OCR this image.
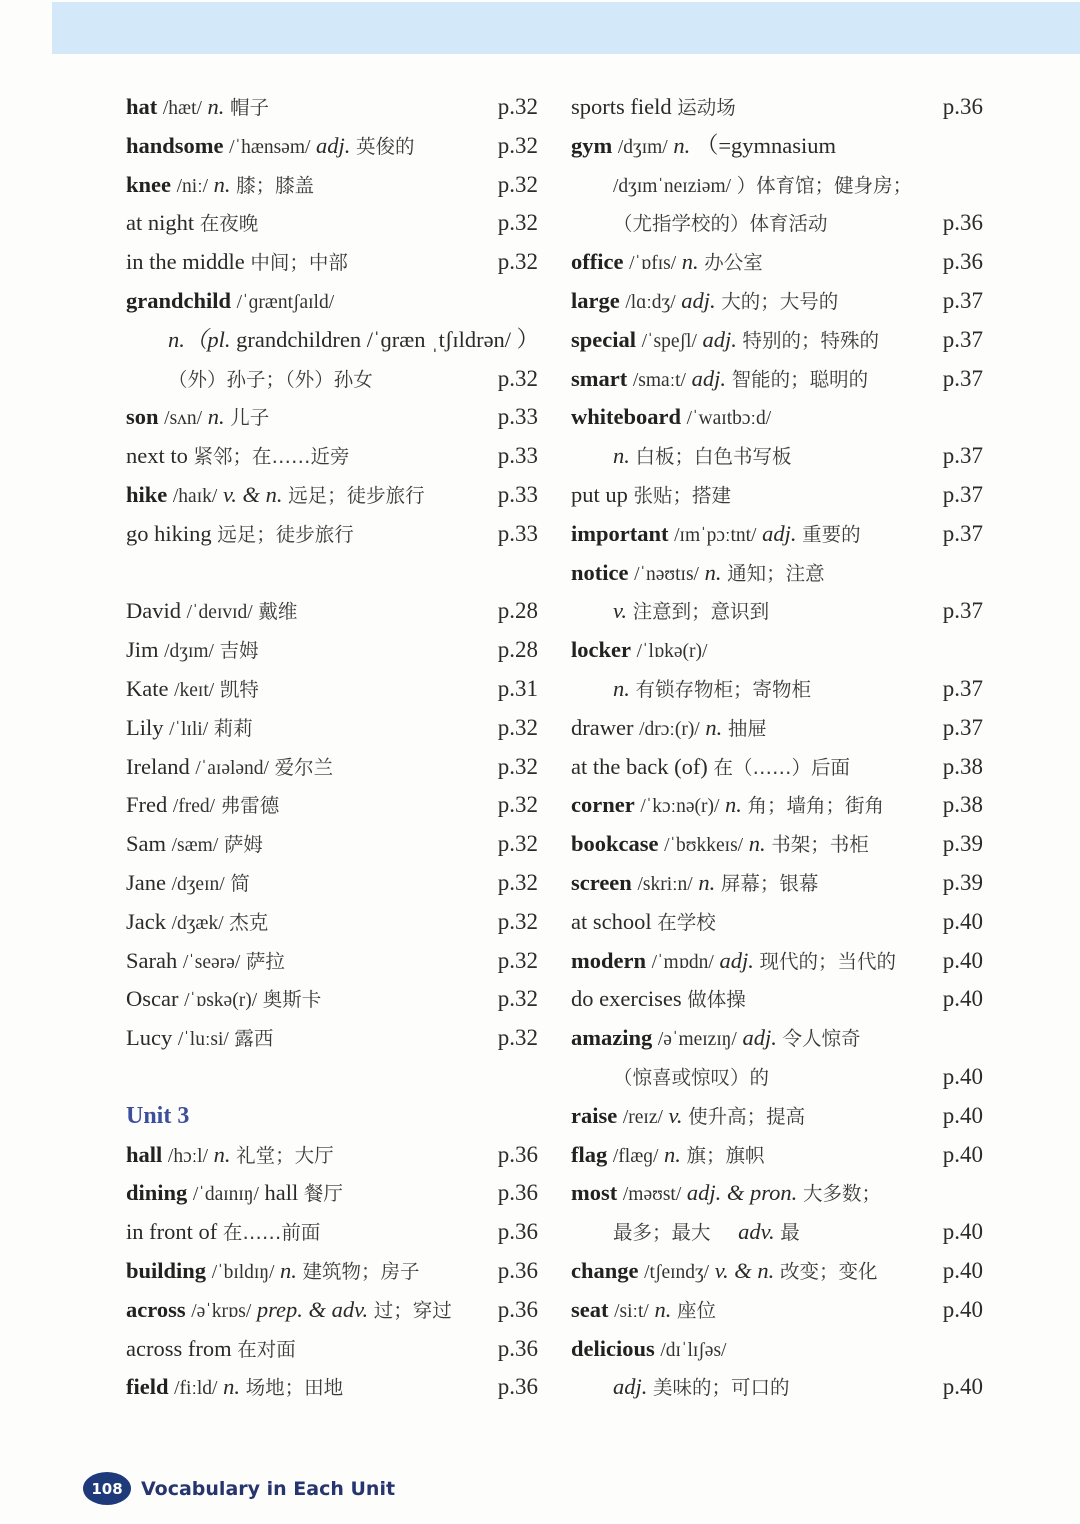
hat /hæt/ n. 帽子	p.32
handsome /ˈhænsəm/ adj. 英俊的	p.32
knee /niː/ n. 膝；膝盖	p.32
at night 在夜晚	p.32
in the middle 中间；中部	p.32
grandchild /ˈɡræntʃaɪld/
n.（pl. grandchildren /ˈɡræn ˌtʃɪldrən/ ）
（外）孙子；（外）孙女	p.32
son /sʌn/ n. 儿子	p.33
next to 紧邻；在……近旁	p.33
hike /haɪk/ v. & n. 远足；徒步旅行	p.33
go hiking 远足；徒步旅行	p.33
David /ˈdeɪvɪd/ 戴维	p.28
Jim /dʒɪm/ 吉姆	p.28
Kate /keɪt/ 凯特	p.31
Lily /ˈlɪli/ 莉莉	p.32
Ireland /ˈaɪələnd/ 爱尔兰	p.32
Fred /fred/ 弗雷德	p.32
Sam /sæm/ 萨姆	p.32
Jane /dʒeɪn/ 简	p.32
Jack /dʒæk/ 杰克	p.32
Sarah /ˈseərə/ 萨拉	p.32
Oscar /ˈɒskə(r)/ 奥斯卡	p.32
Lucy /ˈluːsi/ 露西	p.32
Unit 3
hall /hɔːl/ n. 礼堂；大厅	p.36
dining /ˈdaɪnɪŋ/ hall 餐厅	p.36
in front of 在……前面	p.36
building /ˈbɪldɪŋ/ n. 建筑物；房子	p.36
across /əˈkrɒs/ prep. & adv. 过；穿过 p.36
across from 在对面	p.36
field /fiːld/ n. 场地；田地	p.36
sports field 运动场	p.36
gym /dʒɪm/ n. （=gymnasium
/dʒɪmˈneɪziəm/ ）体育馆；健身房；
（尤指学校的）体育活动	p.36
office /ˈɒfɪs/ n. 办公室	p.36
large /lɑːdʒ/ adj. 大的；大号的	p.37
special /ˈspeʃl/ adj. 特别的；特殊的	p.37
smart /smaːt/ adj. 智能的；聪明的	p.37
whiteboard /ˈwaɪtbɔːd/
n. 白板；白色书写板	p.37
put up 张贴；搭建	p.37
important /ɪmˈpɔːtnt/ adj. 重要的	p.37
notice /ˈnəʊtɪs/ n. 通知；注意
v. 注意到；意识到	p.37
locker /ˈlɒkə(r)/
n. 有锁存物柜；寄物柜	p.37
drawer /drɔː(r)/ n. 抽屉	p.37
at the back (of) 在（……）后面	p.38
corner /ˈkɔːnə(r)/ n. 角；墙角；街角	p.38
bookcase /ˈbʊkkeɪs/ n. 书架；书柜	p.39
screen /skriːn/ n. 屏幕；银幕	p.39
at school 在学校	p.40
modern /ˈmɒdn/ adj. 现代的；当代的 p.40
do exercises 做体操	p.40
amazing /əˈmeɪzɪŋ/ adj. 令人惊奇
（惊喜或惊叹）的	p.40
raise /reɪz/ v. 使升高；提高	p.40
flag /flæɡ/ n. 旗；旗帜	p.40
most /məʊst/ adj. & pron. 大多数；
最多；最大 adv. 最	p.40
change /tʃeɪndʒ/ v. & n. 改变；变化	p.40
seat /siːt/ n. 座位	p.40
delicious /dɪˈlɪʃəs/
adj. 美味的；可口的	p.40
108 Vocabulary in Each Unit
